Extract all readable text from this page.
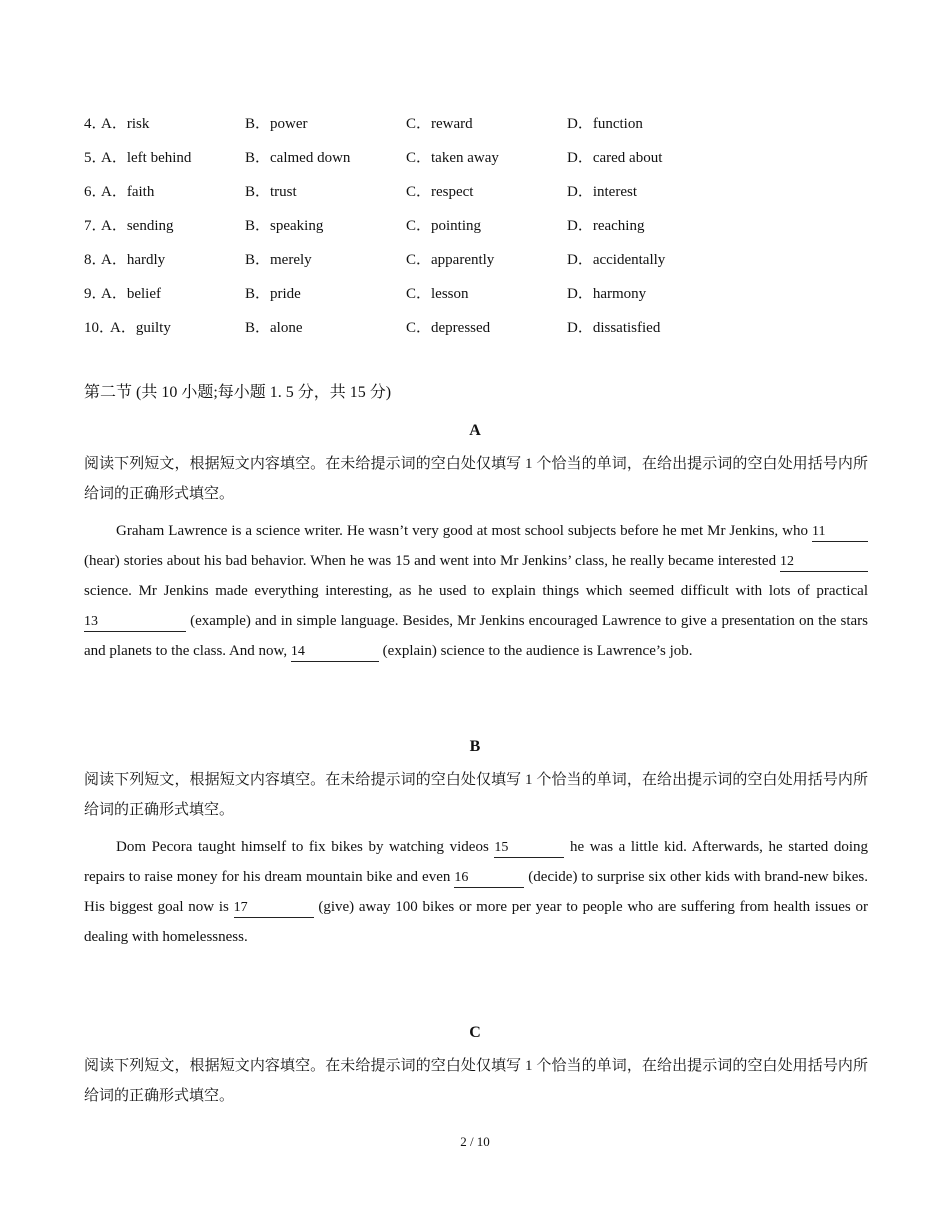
4．
A．risk	B．power	C．reward	D．function
5．
A．left behind	B．calmed down	C．taken away	D．cared about
6．
A．faith	B．trust	C．respect	D．interest
7．
A．sending	B．speaking	C．pointing	D．reaching
8．
A．hardly	B．merely	C．apparently	D．accidentally
9．
A．belief	B．pride	C．lesson	D．harmony
10．
A．guilty	B．alone	C．depressed	D．dissatisfied
第二节 (共 10 小题;每小题 1. 5 分，共 15 分)
A
阅读下列短文，根据短文内容填空。在未给提示词的空白处仅填写 1 个恰当的单词，在给出提示词的空白处用括号内所给词的正确形式填空。
Graham Lawrence is a science writer. He wasn’t very good at most school subjects before he met Mr Jenkins, who 11 (hear) stories about his bad behavior. When he was 15 and went into Mr Jenkins’ class, he really became interested 12 science. Mr Jenkins made everything interesting, as he used to explain things which seemed difficult with lots of practical 13	(example) and in simple language. Besides, Mr Jenkins encouraged Lawrence to give a presentation on the stars and planets to the class. And now, 14	(explain) science to the audience is Lawrence’s job.
B
阅读下列短文，根据短文内容填空。在未给提示词的空白处仅填写 1 个恰当的单词，在给出提示词的空白处用括号内所给词的正确形式填空。
Dom Pecora taught himself to fix bikes by watching videos 15	he was a little kid. Afterwards, he started doing repairs to raise money for his dream mountain bike and even 16	(decide) to surprise six other kids with brand-new bikes. His biggest goal now is 17	(give) away 100 bikes or more per year to people who are suffering from health issues or dealing with homelessness.
C
阅读下列短文，根据短文内容填空。在未给提示词的空白处仅填写 1 个恰当的单词，在给出提示词的空白处用括号内所给词的正确形式填空。
2 / 10
